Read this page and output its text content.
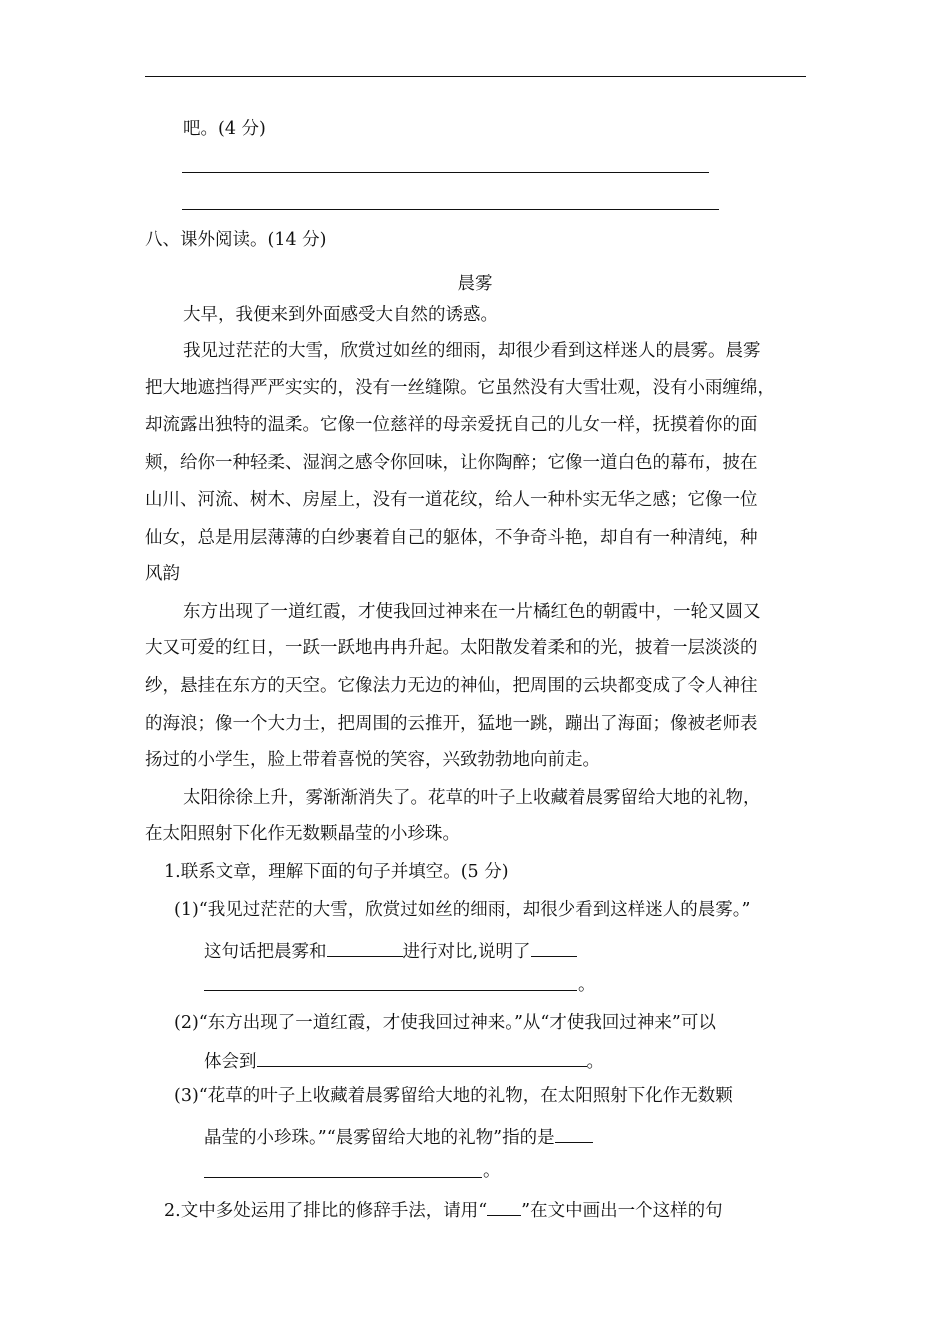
吧。(4 分)
八、课外阅读。(14 分)
晨雾
大早，我便来到外面感受大自然的诱惑。
我见过茫茫的大雪，欣赏过如丝的细雨，却很少看到这样迷人的晨雾。晨雾
把大地遮挡得严严实实的，没有一丝缝隙。它虽然没有大雪壮观，没有小雨缠绵，
却流露出独特的温柔。它像一位慈祥的母亲爱抚自己的儿女一样，抚摸着你的面
颊，给你一种轻柔、湿润之感令你回味，让你陶醉；它像一道白色的幕布，披在
山川、河流、树木、房屋上，没有一道花纹，给人一种朴实无华之感；它像一位
仙女，总是用层薄薄的白纱裹着自己的躯体，不争奇斗艳，却自有一种清纯，种
风韵
东方出现了一道红霞，才使我回过神来在一片橘红色的朝霞中，一轮又圆又
大又可爱的红日，一跃一跃地冉冉升起。太阳散发着柔和的光，披着一层淡淡的
纱，悬挂在东方的天空。它像法力无边的神仙，把周围的云块都变成了令人神往
的海浪；像一个大力士，把周围的云推开，猛地一跳，蹦出了海面；像被老师表
扬过的小学生，脸上带着喜悦的笑容，兴致勃勃地向前走。
太阳徐徐上升，雾渐渐消失了。花草的叶子上收藏着晨雾留给大地的礼物，
在太阳照射下化作无数颗晶莹的小珍珠。
1.联系文章，理解下面的句子并填空。(5 分)
(1)“我见过茫茫的大雪，欣赏过如丝的细雨，却很少看到这样迷人的晨雾。”
这句话把晨雾和	进行对比,说明了
。
(2)“东方出现了一道红霞，才使我回过神来。”从“才使我回过神来”可以
体会到	。
(3)“花草的叶子上收藏着晨雾留给大地的礼物，在太阳照射下化作无数颗
晶莹的小珍珠。”“晨雾留给大地的礼物”指的是
。
2.文中多处运用了排比的修辞手法，请用“ ”在文中画出一个这样的句
